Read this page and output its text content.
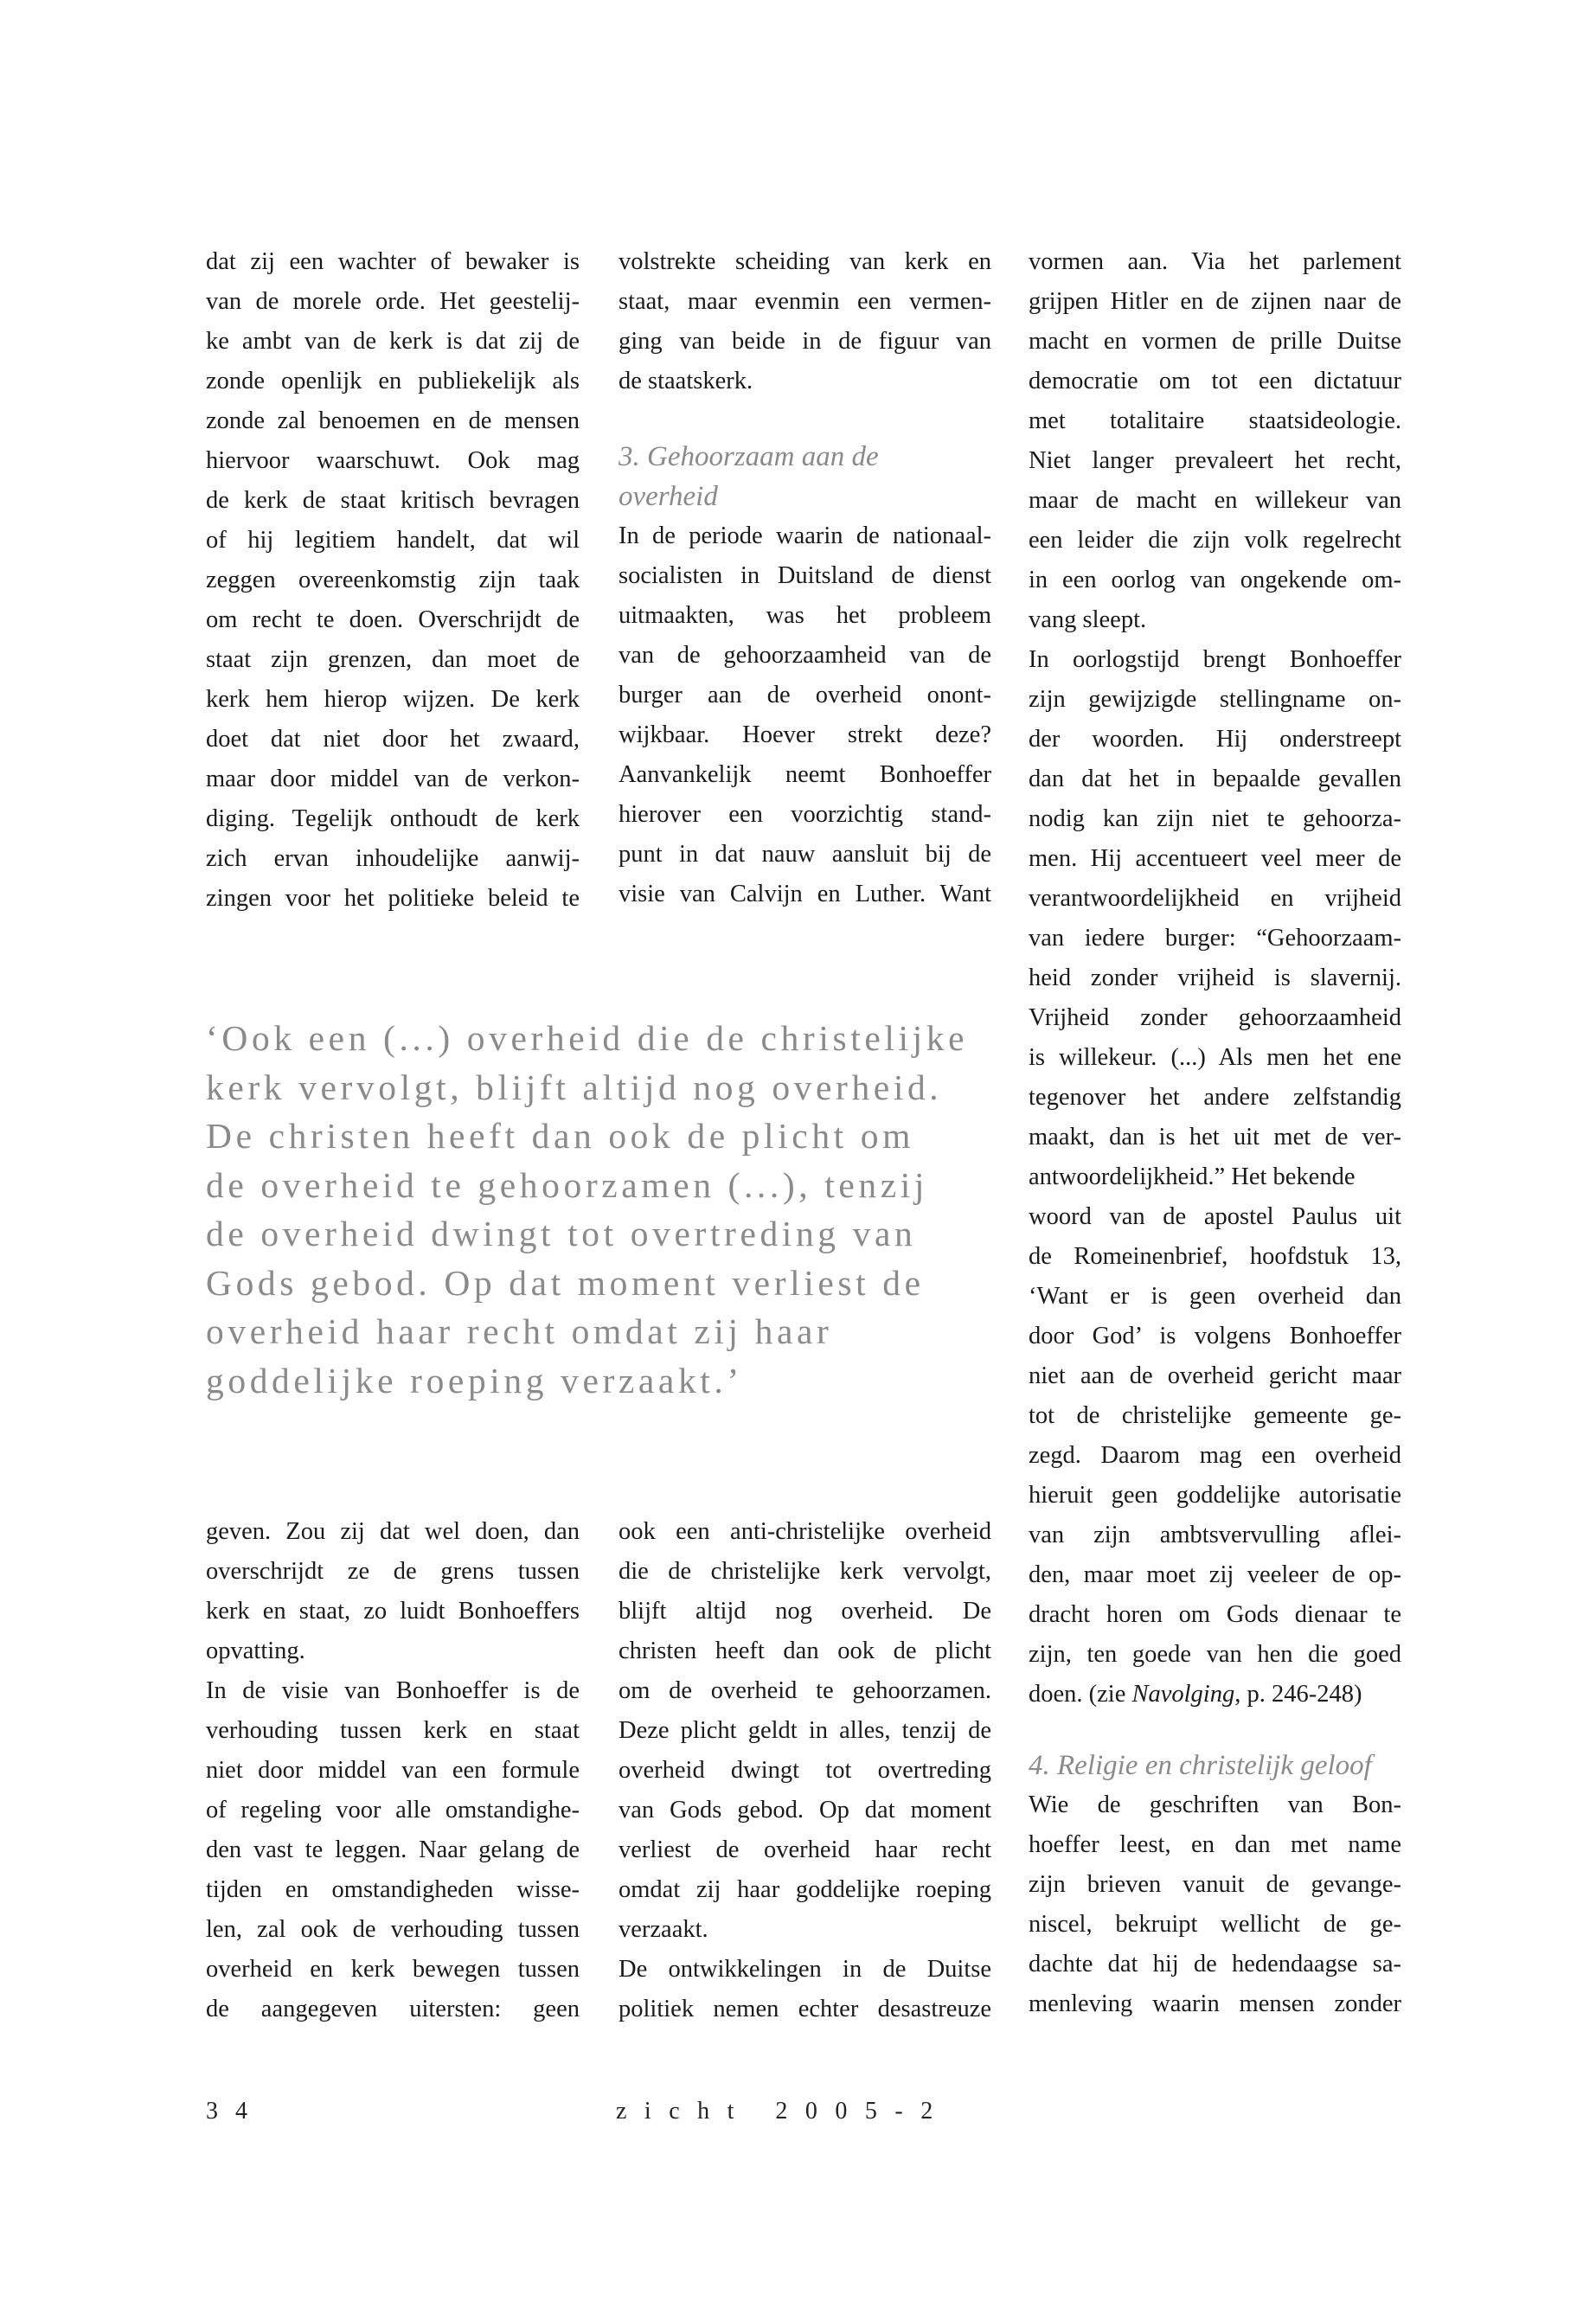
dat zij een wachter of bewaker is
van de morele orde. Het geestelij-
ke ambt van de kerk is dat zij de
zonde openlijk en publiekelijk als
zonde zal benoemen en de mensen
hiervoor waarschuwt. Ook mag
de kerk de staat kritisch bevragen
of hij legitiem handelt, dat wil
zeggen overeenkomstig zijn taak
om recht te doen. Overschrijdt de
staat zijn grenzen, dan moet de
kerk hem hierop wijzen. De kerk
doet dat niet door het zwaard,
maar door middel van de verkon-
diging. Tegelijk onthoudt de kerk
zich ervan inhoudelijke aanwij-
zingen voor het politieke beleid te
volstrekte scheiding van kerk en
staat, maar evenmin een vermen-
ging van beide in de figuur van
de staatskerk.
3. Gehoorzaam aan de
overheid
In de periode waarin de nationaal-
socialisten in Duitsland de dienst
uitmaakten, was het probleem
van de gehoorzaamheid van de
burger aan de overheid onont-
wijkbaar. Hoever strekt deze?
Aanvankelijk neemt Bonhoeffer
hierover een voorzichtig stand-
punt in dat nauw aansluit bij de
visie van Calvijn en Luther. Want
vormen aan. Via het parlement
grijpen Hitler en de zijnen naar de
macht en vormen de prille Duitse
democratie om tot een dictatuur
met totalitaire staatsideologie.
Niet langer prevaleert het recht,
maar de macht en willekeur van
een leider die zijn volk regelrecht
in een oorlog van ongekende om-
vang sleept.
In oorlogstijd brengt Bonhoeffer
zijn gewijzigde stellingname on-
der woorden. Hij onderstreept
dan dat het in bepaalde gevallen
nodig kan zijn niet te gehoorza-
men. Hij accentueert veel meer de
verantwoordelijkheid en vrijheid
van iedere burger: “Gehoorzaam-
heid zonder vrijheid is slavernij.
Vrijheid zonder gehoorzaamheid
is willekeur. (...) Als men het ene
tegenover het andere zelfstandig
maakt, dan is het uit met de ver-
antwoordelijkheid.” Het bekende
woord van de apostel Paulus uit
de Romeinenbrief, hoofdstuk 13,
‘Want er is geen overheid dan
door God’ is volgens Bonhoeffer
niet aan de overheid gericht maar
tot de christelijke gemeente ge-
zegd. Daarom mag een overheid
hieruit geen goddelijke autorisatie
van zijn ambtsvervulling aflei-
den, maar moet zij veeleer de op-
dracht horen om Gods dienaar te
zijn, ten goede van hen die goed
doen. (zie Navolging, p. 246-248)
4. Religie en christelijk geloof
Wie de geschriften van Bon-
hoeffer leest, en dan met name
zijn brieven vanuit de gevange-
niscel, bekruipt wellicht de ge-
dachte dat hij de hedendaagse sa-
menleving waarin mensen zonder
‘Ook een (...) overheid die de christelijke
kerk vervolgt, blijft altijd nog overheid.
De christen heeft dan ook de plicht om
de overheid te gehoorzamen (...), tenzij
de overheid dwingt tot overtreding van
Gods gebod. Op dat moment verliest de
overheid haar recht omdat zij haar
goddelijke roeping verzaakt.’
geven. Zou zij dat wel doen, dan
overschrijdt ze de grens tussen
kerk en staat, zo luidt Bonhoeffers
opvatting.
In de visie van Bonhoeffer is de
verhouding tussen kerk en staat
niet door middel van een formule
of regeling voor alle omstandighe-
den vast te leggen. Naar gelang de
tijden en omstandigheden wisse-
len, zal ook de verhouding tussen
overheid en kerk bewegen tussen
de aangegeven uitersten: geen
ook een anti-christelijke overheid
die de christelijke kerk vervolgt,
blijft altijd nog overheid. De
christen heeft dan ook de plicht
om de overheid te gehoorzamen.
Deze plicht geldt in alles, tenzij de
overheid dwingt tot overtreding
van Gods gebod. Op dat moment
verliest de overheid haar recht
omdat zij haar goddelijke roeping
verzaakt.
De ontwikkelingen in de Duitse
politiek nemen echter desastreuze
34	zicht 2005-2
